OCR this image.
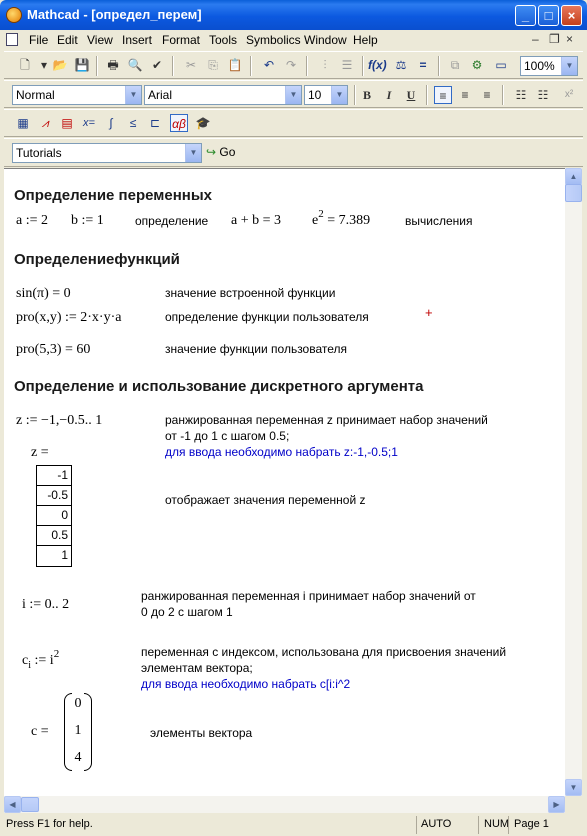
Mathcad - [определ_перем]	_	□	×
File Edit View Insert Format Tools Symbolics Window Help	– ❐ ×
🗋 ▾ 📂 💾 🖶 🔍 ✔	✂	⎘ 📋	↶ ↷	⫶	☰	f(x) ⚖	=	⧉	⚙	▭	100%	▼
Normal	▼ Arial	▼ 10	▼	B	I	U	≡	≡	≡	☷ ☷	x²
▦	⩘	▤ x=	∫	≤	⊏	αβ 🎓
Tutorials	▼ ↪ Go
Определение переменных
a := 2 b := 1	определение a + b = 3 $e^2 = 7.389$	вычисления
Определениефункций
sin(π) = 0	значение встроенной функции
pro(x,y) := 2·x·y·a	определение функции пользователя	+
pro(5,3) = 60	значение функции пользователя
Определение и использование дискретного аргумента
z := −1,−0.5.. 1	ранжированная переменная z принимает набор значений
от -1 до 1 с шагом 0.5;
для ввода необходимо набрать z:-1,-0.5;1
z =
-1
-0.5
0
0.5
1
отображает значения переменной z
i := 0.. 2
ранжированная переменная i принимает набор значений от
0 до 2 с шагом 1
$c_i$ := $i^2$	переменная с индексом, использована для присвоения значений
элементам вектора;
для ввода необходимо набрать c[i:i^2
c =
0
1
4
элементы вектора
▲
▼
◀	▶
Press F1 for help.	AUTO	NUM Page 1
